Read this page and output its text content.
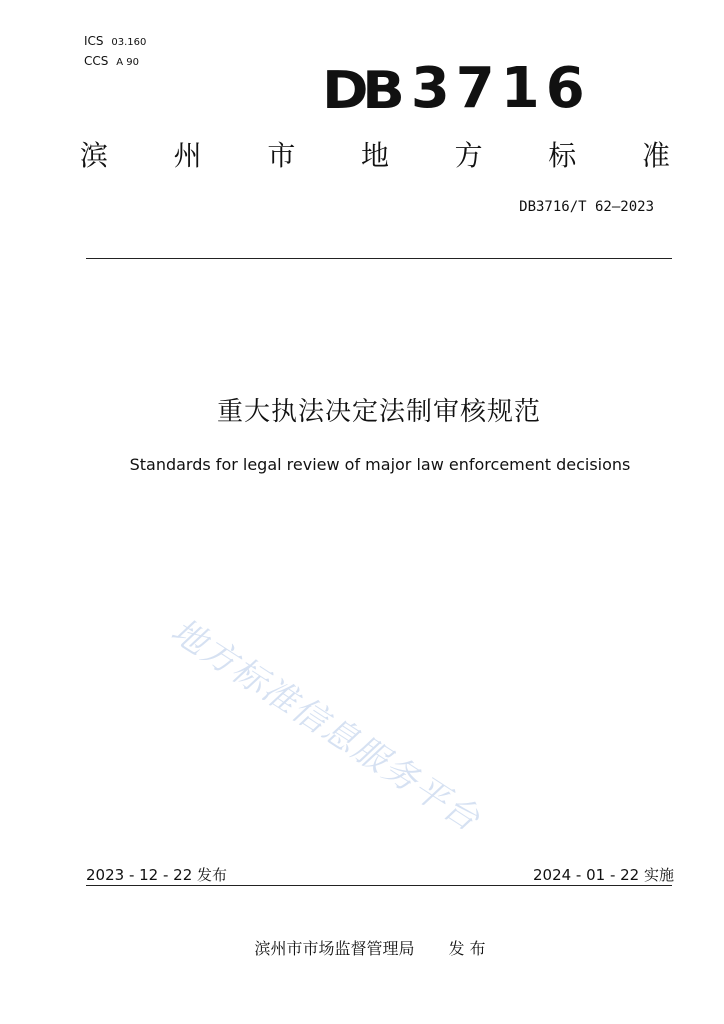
ICS 03.160
CCS A 90	DB 3716
滨 州 市 地 方 标 准
DB3716/T 62—2023
重大执法决定法制审核规范
Standards for legal review of major law enforcement decisions
地方标准信息服务平台
2023 - 12 - 22 发布	2024 - 01 - 22 实施
滨州市市场监督管理局 发 布
